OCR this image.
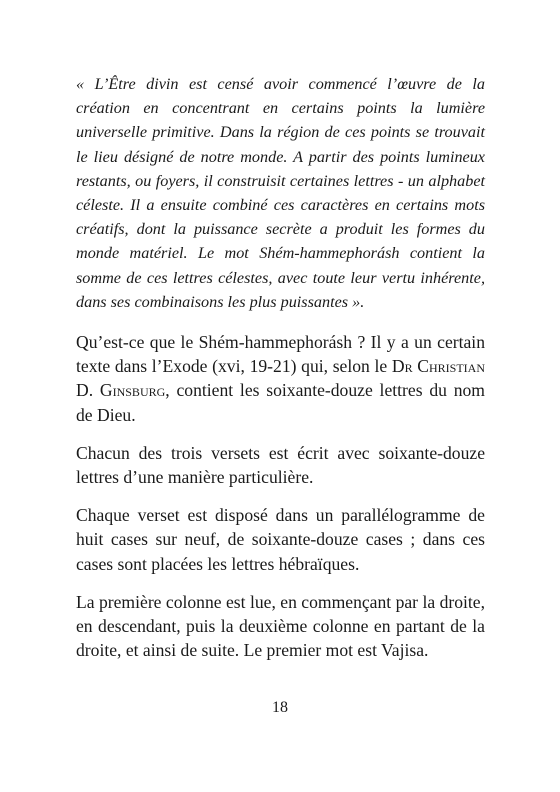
« L’Être divin est censé avoir commencé l’œuvre de la création en concentrant en certains points la lumière universelle primitive. Dans la région de ces points se trouvait le lieu désigné de notre monde. A partir des points lumineux restants, ou foyers, il construisit certaines lettres - un alphabet céleste. Il a ensuite combiné ces caractères en certains mots créatifs, dont la puissance secrète a produit les formes du monde matériel. Le mot Shém-hammephorásh contient la somme de ces lettres célestes, avec toute leur vertu inhérente, dans ses combinaisons les plus puissantes ».

Qu’est-ce que le Shém-hammephorásh ? Il y a un certain texte dans l’Exode (xvi, 19-21) qui, selon le Dr Christian D. Ginsburg, contient les soixante-douze lettres du nom de Dieu.

Chacun des trois versets est écrit avec soixante-douze lettres d’une manière particulière.

Chaque verset est disposé dans un parallélogramme de huit cases sur neuf, de soixante-douze cases ; dans ces cases sont placées les lettres hébraïques.

La première colonne est lue, en commençant par la droite, en descendant, puis la deuxième colonne en partant de la droite, et ainsi de suite. Le premier mot est Vajisa.

18
